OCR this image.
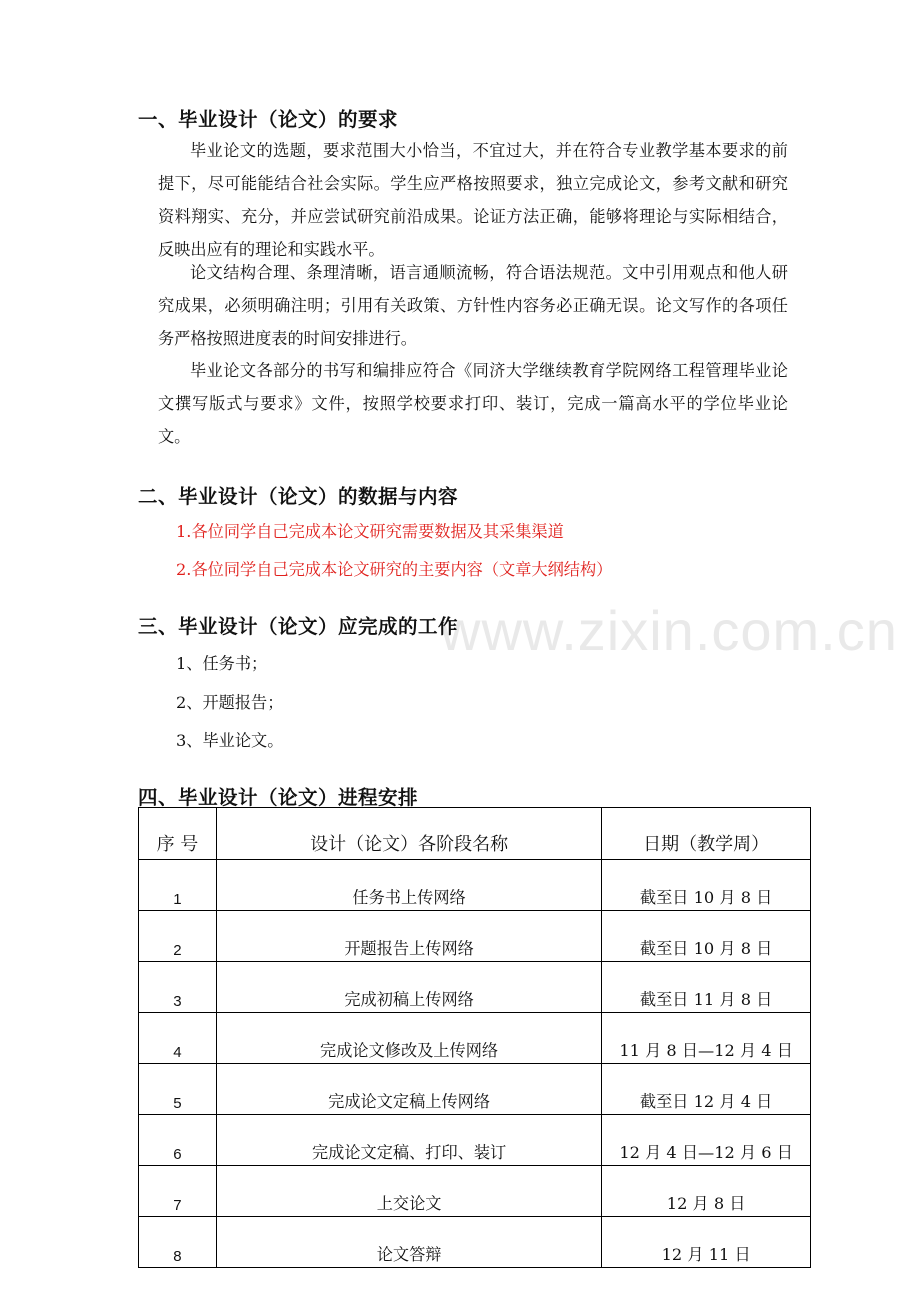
www.zixin.com.cn
一、毕业设计（论文）的要求

毕业论文的选题，要求范围大小恰当，不宜过大，并在符合专业教学基本要求的前提下，尽可能能结合社会实际。学生应严格按照要求，独立完成论文，参考文献和研究资料翔实、充分，并应尝试研究前沿成果。论证方法正确，能够将理论与实际相结合，反映出应有的理论和实践水平。

论文结构合理、条理清晰，语言通顺流畅，符合语法规范。文中引用观点和他人研究成果，必须明确注明；引用有关政策、方针性内容务必正确无误。论文写作的各项任务严格按照进度表的时间安排进行。

毕业论文各部分的书写和编排应符合《同济大学继续教育学院网络工程管理毕业论文撰写版式与要求》文件，按照学校要求打印、装订，完成一篇高水平的学位毕业论文。

二、毕业设计（论文）的数据与内容

1.各位同学自己完成本论文研究需要数据及其采集渠道

2.各位同学自己完成本论文研究的主要内容（文章大纲结构）

三、毕业设计（论文）应完成的工作

1、任务书；

2、开题报告；

3、毕业论文。

四、毕业设计（论文）进程安排
序 号	设计（论文）各阶段名称	日期（教学周）
1	任务书上传网络	截至日 10 月 8 日
2	开题报告上传网络	截至日 10 月 8 日
3	完成初稿上传网络	截至日 11 月 8 日
4	完成论文修改及上传网络	11 月 8 日—12 月 4 日
5	完成论文定稿上传网络	截至日 12 月 4 日
6	完成论文定稿、打印、装订	12 月 4 日—12 月 6 日
7	上交论文	12 月 8 日
8	论文答辩	12 月 11 日
